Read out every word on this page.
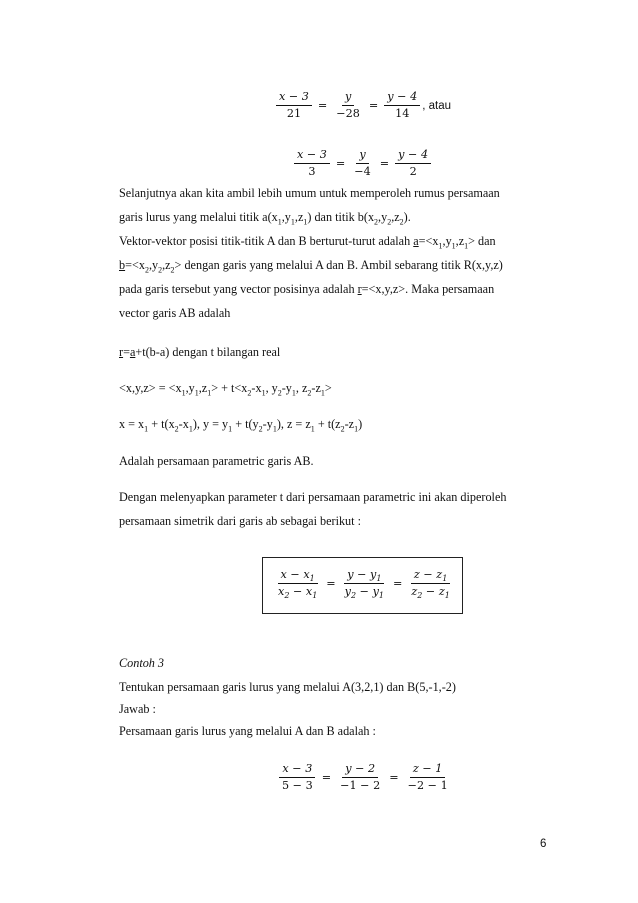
$\frac{\text{𝑥 − 3}}{21} = \frac{\text{𝑦}}{-28} = \frac{\text{𝑦 − 4}}{14}$ , atau
$\frac{\text{𝑥 − 3}}{3} = \frac{\text{𝑦}}{-4} = \frac{\text{𝑦 − 4}}{2}$
Selanjutnya akan kita ambil lebih umum untuk memperoleh rumus persamaan
garis lurus yang melalui titik $a(x_1,y_1,z_1)$ dan titik $b(x_2,y_2,z_2)$.
Vektor-vektor posisi titik-titik A dan B berturut-turut adalah $a=<x_1,y_1,z_1>$ dan
$b=<x_2,y_2,z_2>$ dengan garis yang melalui A dan B. Ambil sebarang titik R(x,y,z)
pada garis tersebut yang vector posisinya adalah r=<x,y,z>. Maka persamaan
vector garis AB adalah
r=a+t(b-a) dengan t bilangan real
$<x,y,z> = <x_1,y_1,z_1> + t<x_2-x_1$, $y_2-y_1$, $z_2-z_1>$
$x = x_1 + t(x_2-x_1)$, $y = y_1 + t(y_2-y_1)$, $z = z_1 + t(z_2-z_1)$
Adalah persamaan parametric garis AB.
Dengan melenyapkan parameter t dari persamaan parametric ini akan diperoleh
persamaan simetrik dari garis ab sebagai berikut :
$\frac{𝑥 - 𝑥_1}{𝑥_2 - 𝑥_1} = \frac{𝑦 - 𝑦_1}{𝑦_2 - 𝑦_1} = \frac{𝑧 - 𝑧_1}{𝑧_2 - 𝑧_1}$
Contoh 3
Tentukan persamaan garis lurus yang melalui A(3,2,1) dan B(5,-1,-2)
Jawab :
Persamaan garis lurus yang melalui A dan B adalah :
$\frac{\text{𝑥 − 3}}{5 - 3} = \frac{\text{𝑦 − 2}}{-1 - 2} = \frac{\text{𝑧 − 1}}{-2 - 1}$
6
